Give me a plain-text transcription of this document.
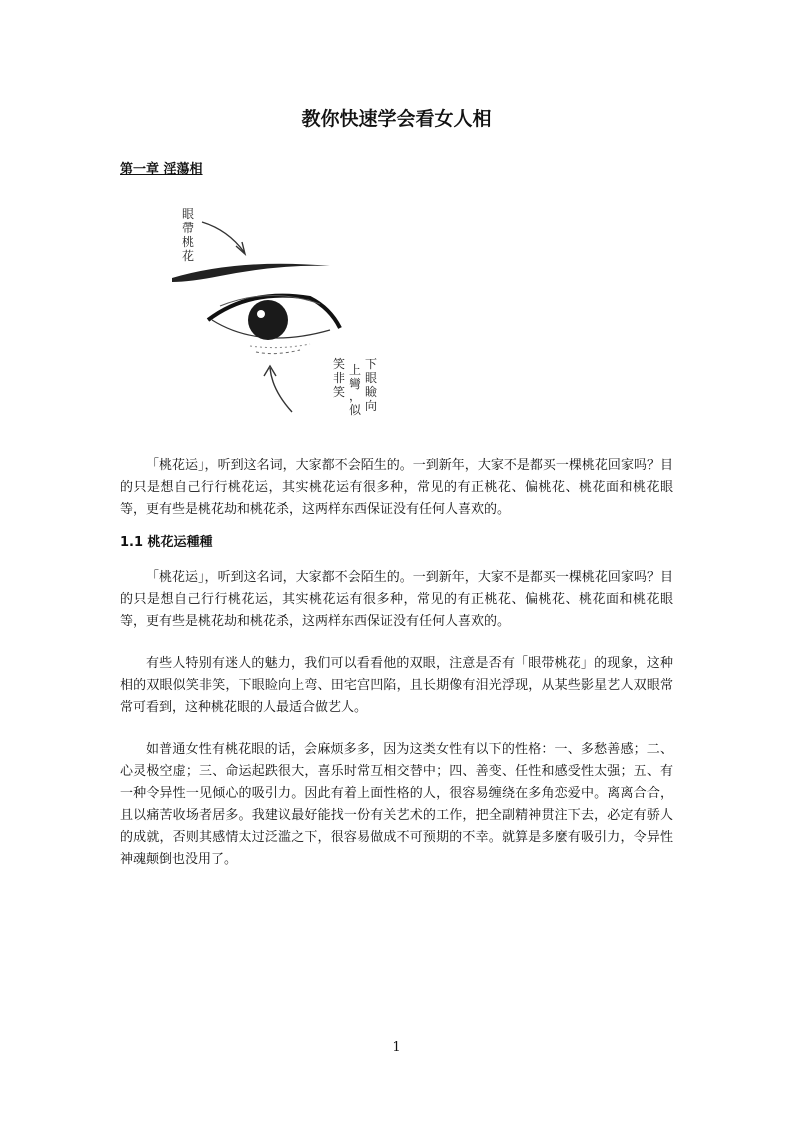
教你快速学会看女人相
第一章 淫蕩相
眼
帶
桃
花
下
眼
瞼
向
上
彎
，
似
笑
非
笑

「桃花运」，听到这名词，大家都不会陌生的。一到新年，大家不是都买一棵桃花回家吗？目的只是想自己行行桃花运，其实桃花运有很多种，常见的有正桃花、偏桃花、桃花面和桃花眼等，更有些是桃花劫和桃花杀，这两样东西保证没有任何人喜欢的。

1.1 桃花运種種

「桃花运」，听到这名词，大家都不会陌生的。一到新年，大家不是都买一棵桃花回家吗？目的只是想自己行行桃花运，其实桃花运有很多种，常见的有正桃花、偏桃花、桃花面和桃花眼等，更有些是桃花劫和桃花杀，这两样东西保证没有任何人喜欢的。

有些人特别有迷人的魅力，我们可以看看他的双眼，注意是否有「眼带桃花」的现象，这种相的双眼似笑非笑，下眼睑向上弯、田宅宫凹陷，且长期像有泪光浮现，从某些影星艺人双眼常常可看到，这种桃花眼的人最适合做艺人。

如普通女性有桃花眼的话，会麻烦多多，因为这类女性有以下的性格：一、多愁善感；二、心灵极空虚；三、命运起跌很大，喜乐时常互相交替中；四、善变、任性和感受性太强；五、有一种令异性一见倾心的吸引力。因此有着上面性格的人，很容易缠绕在多角恋爱中。离离合合，且以痛苦收场者居多。我建议最好能找一份有关艺术的工作，把全副精神贯注下去，必定有骄人的成就，否则其感情太过泛滥之下，很容易做成不可预期的不幸。就算是多麼有吸引力，令异性神魂颠倒也没用了。

1
